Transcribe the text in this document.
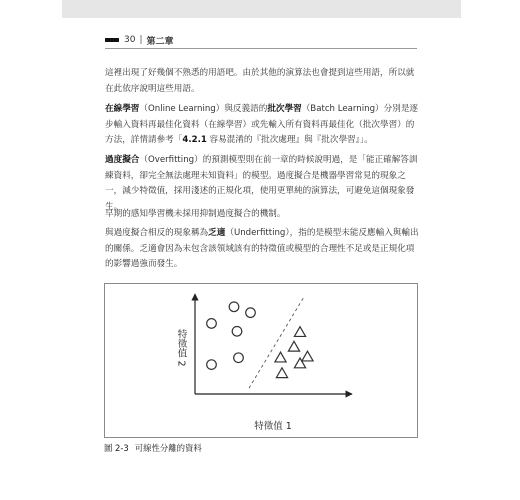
30 | 第二章

這裡出現了好幾個不熟悉的用語吧。由於其他的演算法也會提到這些用語，所以就在此依序說明這些用語。

在線學習（Online Learning）與反義語的批次學習（Batch Learning）分別是逐步輸入資料再最佳化資料（在線學習）或先輸入所有資料再最佳化（批次學習）的方法，詳情請參考「4.2.1 容易混淆的『批次處理』與『批次學習』」。

過度擬合（Overfitting）的預測模型則在前一章的時候說明過，是「能正確解答訓練資料，卻完全無法處理未知資料」的模型。過度擬合是機器學習常見的現象之一，減少特徵值，採用淺述的正規化項，使用更單純的演算法，可避免這個現象發生。

早期的感知學習機未採用抑制過度擬合的機制。

與過度擬合相反的現象稱為乏適（Underfitting），指的是模型未能反應輸入與輸出的關係。乏適會因為未包含該領域該有的特徵值或模型的合理性不足或是正規化項的影響過強而發生。

特徵值 1
特徵值 2
圖 2-3 可線性分離的資料
